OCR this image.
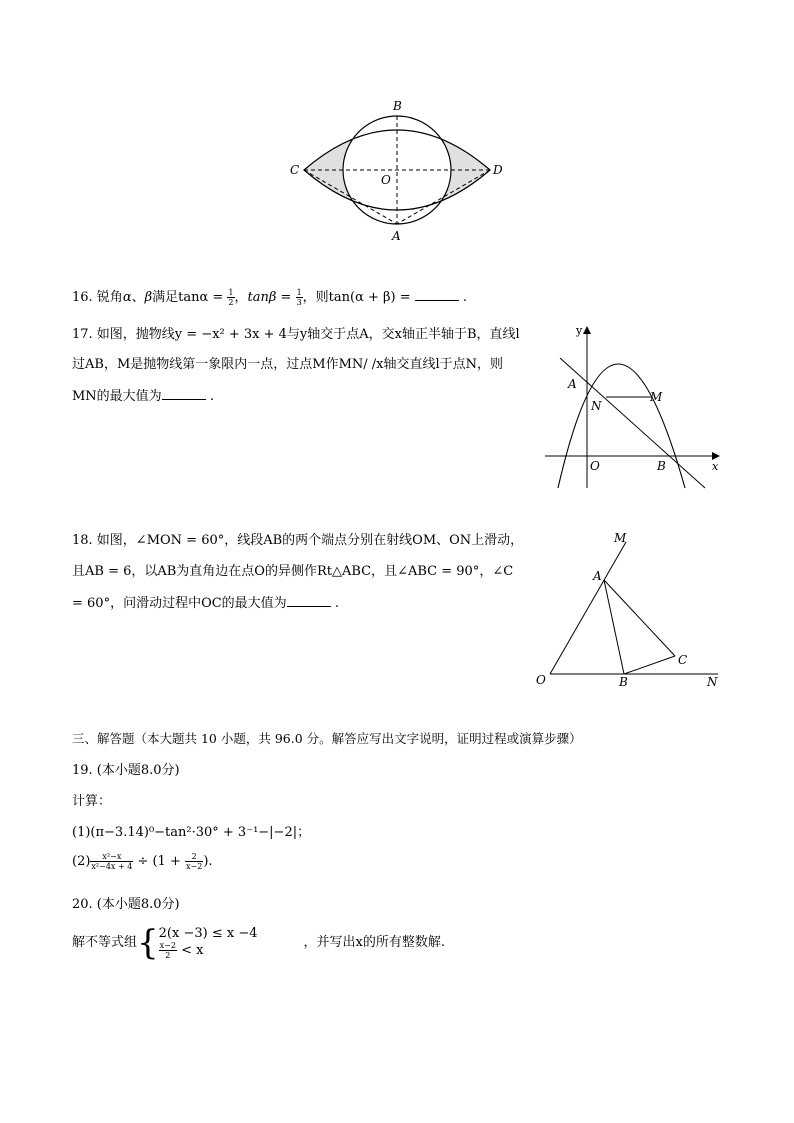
B
C
O
D
A
16. 锐角α、β满足$\tan\alpha = \frac{1}{2}$ ，$\tan\beta = \frac{1}{3}$ ，则tan(α + β) =	.
17. 如图，抛物线y = −x² + 3x + 4与y轴交于点A，交x轴正半轴于B，直线l
过AB，M是抛物线第一象限内一点，过点M作MN/ /x轴交直线l于点N，则
MN的最大值为	.
y
x
A
N
M
O	B
18. 如图，∠MON = 60°，线段AB的两个端点分别在射线OM、ON上滑动，
且AB = 6，以AB为直角边在点O的异侧作Rt△ABC，且∠ABC = 90°，∠C
= 60°，问滑动过程中OC的最大值为	.
M
A
C
O	B	N
三、解答题（本大题共 10 小题，共 96.0 分。解答应写出文字说明，证明过程或演算步骤）
19. (本小题8.0分)
计算：
(1)(π−3.14)⁰−tan²·30° + 3⁻¹−|−2|；
$(2) \frac{\text{x²−x}}{\text{x²−4x + 4}} \div (1 + \frac{2}{x-2}$ ).
20. (本小题8.0分)
解不等式组{ 2(x −3) ≤ x −4
$\frac{x-2}{2} < x$
，并写出x的所有整数解.
